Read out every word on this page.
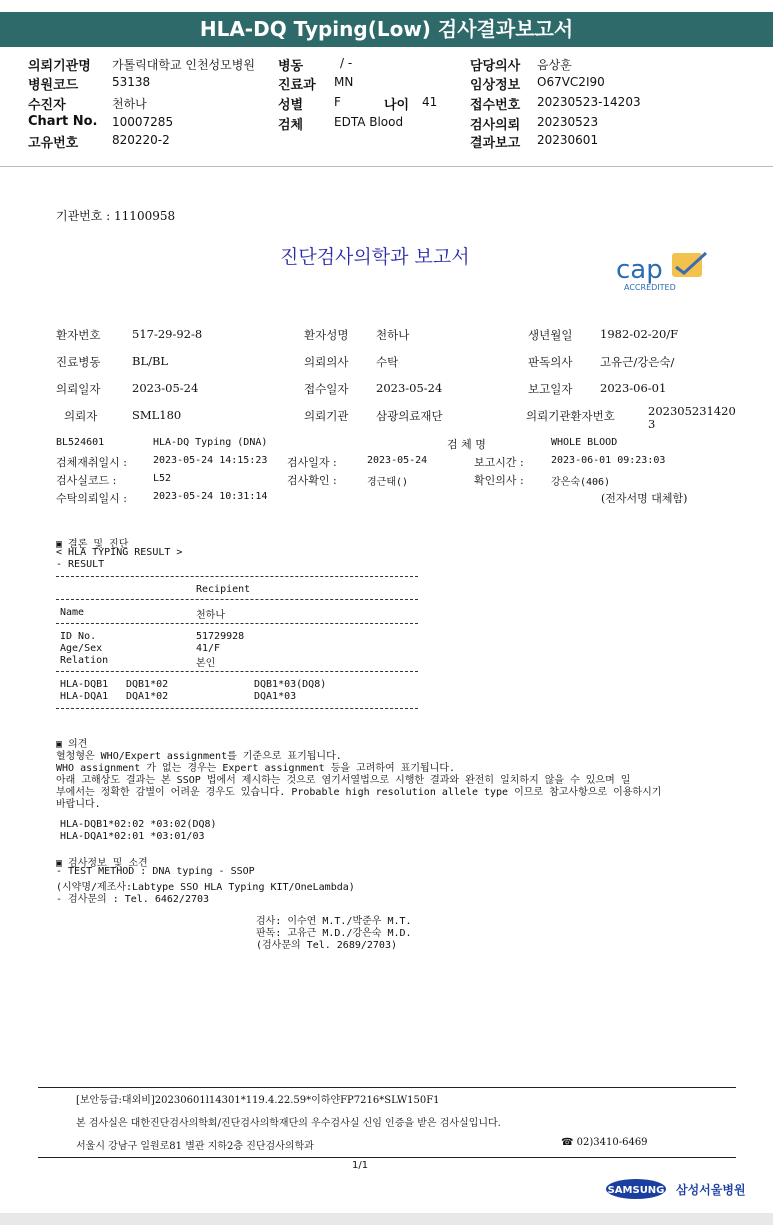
HLA-DQ Typing(Low) 검사결과보고서
의뢰기관명 가톨릭대학교 인천성모병원
병원코드	53138
수진자	천하나
Chart No. 10007285
고유번호	820220-2
병동	/ -
진료과 MN
성별	F	나이 41
검체	EDTA Blood
담당의사 음상훈
임상정보 O67VC2I90
접수번호 20230523-14203
검사의뢰 20230523
결과보고 20230601
기관번호 : 11100958
진단검사의학과 보고서	cap
ACCREDITED
환자번호	517-29-92-8	환자성명 천하나	생년월일 1982-02-20/F
진료병동	BL/BL	의뢰의사 수탁	판독의사 고유근/강은숙/
의뢰일자	2023-05-24	접수일자 2023-05-24	보고일자 2023-06-01
의뢰자	SML180	의뢰기관 삼광의료재단	의뢰기관환자번호	202305231420
3
BL524601	HLA-DQ Typing (DNA)	검 체 명	WHOLE BLOOD
검체재취일시 :	2023-05-24 14:15:23 검사일자 :	2023-05-24	보고시간 :	2023-06-01 09:23:03
검사실코드 :	L52	검사확인 :	경근태()	확인의사 :	강은숙(406)
수탁의뢰일시 :	2023-05-24 10:31:14	(전자서명 대체함)
▣ 결론 및 진단
< HLA TYPING RESULT >
- RESULT
Recipient
Name	천하나
ID No.	51729928
Age/Sex	41/F
Relation	본인
HLA-DQB1 DQB1*02	DQB1*03(DQ8)
HLA-DQA1 DQA1*02	DQA1*03
▣ 의견
혈청형은 WHO/Expert assignment를 기준으로 표기됩니다.
WHO assignment 가 없는 경우는 Expert assignment 등을 고려하여 표기됩니다.
아래 고해상도 결과는 본 SSOP 법에서 제시하는 것으로 염기서열법으로 시행한 결과와 완전히 일치하지 않을 수 있으며 일
부에서는 정확한 감별이 어려운 경우도 있습니다. Probable high resolution allele type 이므로 참고사항으로 이용하시기
바랍니다.
HLA-DQB1*02:02 *03:02(DQ8)
HLA-DQA1*02:01 *03:01/03
▣ 검사정보 및 소견
- TEST METHOD : DNA typing - SSOP
(시약명/제조사:Labtype SSO HLA Typing KIT/OneLambda)
- 검사문의 : Tel. 6462/2703
검사: 이수연 M.T./박준우 M.T.
판독: 고유근 M.D./강은숙 M.D.
(검사문의 Tel. 2689/2703)
[보안등급:대외비]20230601l14301*119.4.22.59*이하얀FP7216*SLW150F1
본 검사실은 대한진단검사의학회/진단검사의학재단의 우수검사실 신임 인증을 받은 검사실입니다.
서울시 강남구 일원로81 별관 지하2층 진단검사의학과	☎ 02)3410-6469
1/1
SAMSUNG 삼성서울병원
